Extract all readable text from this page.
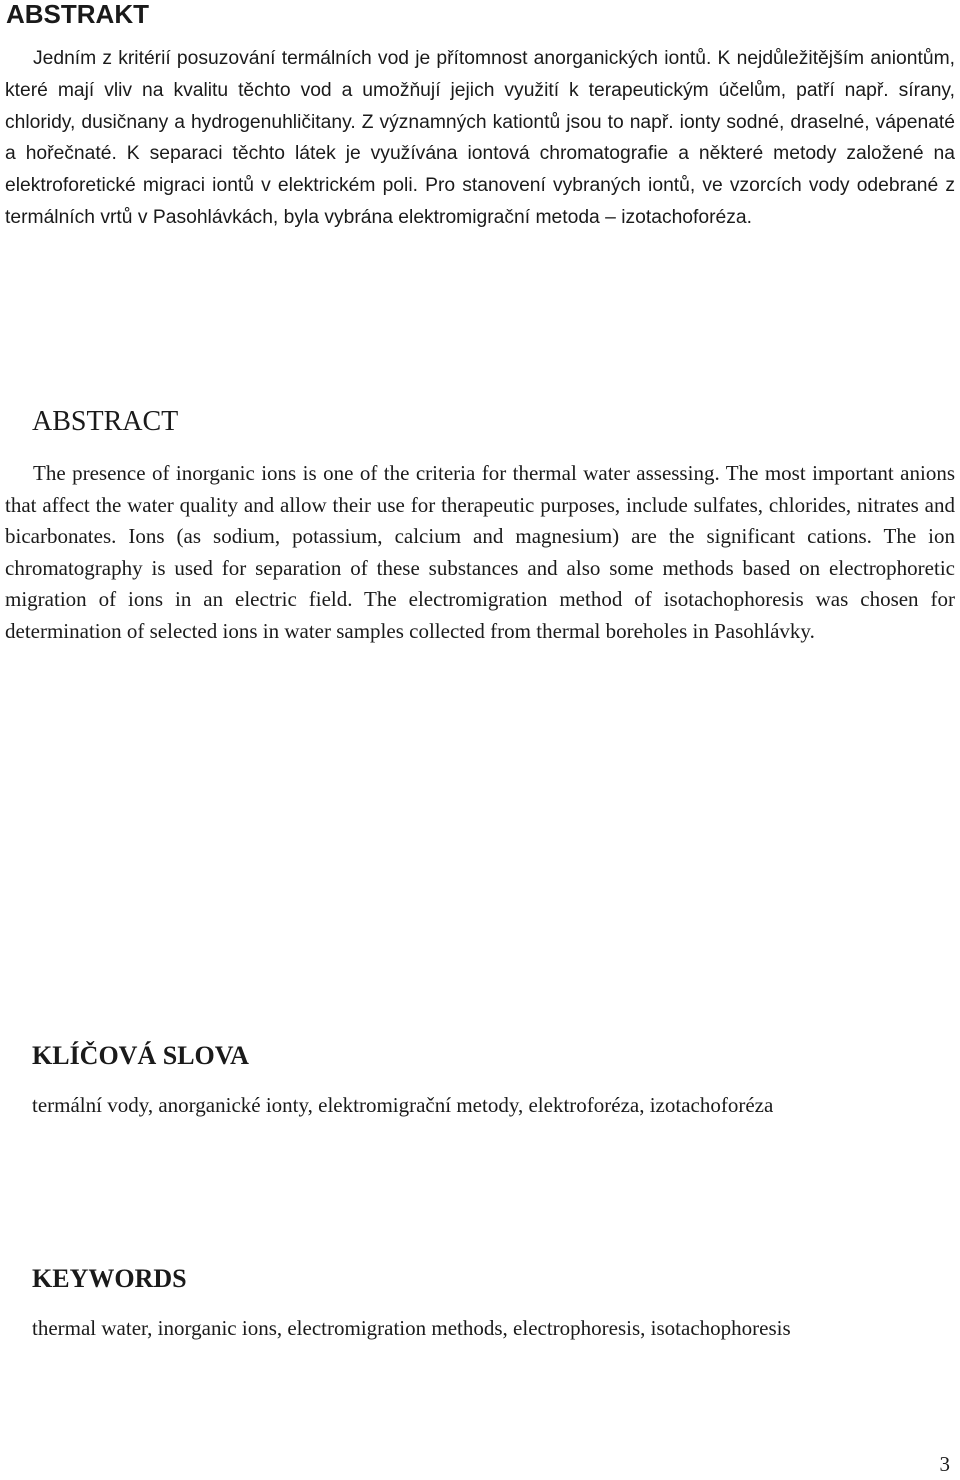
ABSTRAKT

Jedním z kritérií posuzování termálních vod je přítomnost anorganických iontů. K nejdůležitějším aniontům, které mají vliv na kvalitu těchto vod a umožňují jejich využití k terapeutickým účelům, patří např. sírany, chloridy, dusičnany a hydrogenuhličitany. Z významných kationtů jsou to např. ionty sodné, draselné, vápenaté a hořečnaté. K separaci těchto látek je využívána iontová chromatografie a některé metody založené na elektroforetické migraci iontů v elektrickém poli. Pro stanovení vybraných iontů, ve vzorcích vody odebrané z termálních vrtů v Pasohlávkách, byla vybrána elektromigrační metoda – izotachoforéza.

ABSTRACT

The presence of inorganic ions is one of the criteria for thermal water assessing. The most important anions that affect the water quality and allow their use for therapeutic purposes, include sulfates, chlorides, nitrates and bicarbonates. Ions (as sodium, potassium, calcium and magnesium) are the significant cations. The ion chromatography is used for separation of these substances and also some methods based on electrophoretic migration of ions in an electric field. The electromigration method of isotachophoresis was chosen for determination of selected ions in water samples collected from thermal boreholes in Pasohlávky.

KLÍČOVÁ SLOVA

termální vody, anorganické ionty, elektromigrační metody, elektroforéza, izotachoforéza

KEYWORDS

thermal water, inorganic ions, electromigration methods, electrophoresis, isotachophoresis

3
